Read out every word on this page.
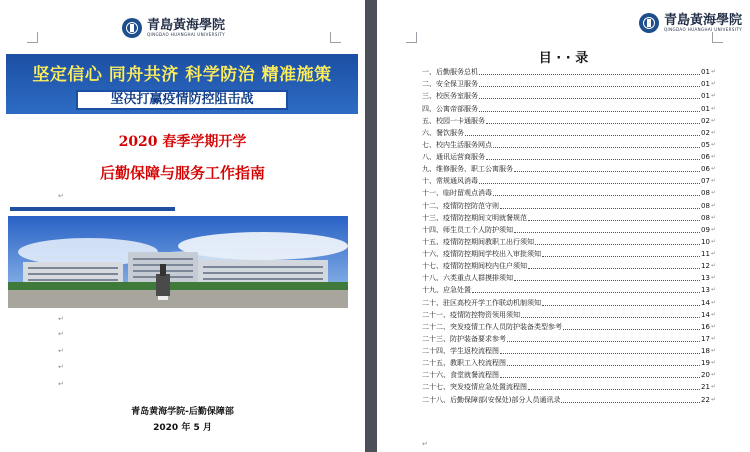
青島黃海學院
QINGDAO HUANGHAI UNIVERSITY
坚定信心 同舟共济 科学防治 精准施策
坚决打赢疫情防控阻击战
2020 春季学期开学
后勤保障与服务工作指南
↵
↵
↵
↵
↵
↵
青岛黄海学院-后勤保障部
2020 年 5 月
青島黃海學院
QINGDAO HUANGHAI UNIVERSITY
目 · · 录
一、后勤服务总机	01 ↵
二、安全保卫服务	01 ↵
三、校医务室服务	01 ↵
四、公寓帝部服务	01 ↵
五、校园一卡通服务	02 ↵
六、餐饮服务	02 ↵
七、校内生活服务网点	05 ↵
八、通讯运营商服务	06 ↵
九、维修服务、职工公寓服务	06 ↵
十、常规通风消毒	07 ↵
十一、临时留观点消毒	08 ↵
十二、疫情防控防范守则	08 ↵
十三、疫情防控期间文明就餐规范	08 ↵
十四、师生员工个人防护须知	09 ↵
十五、疫情防控期间教职工出行须知	10 ↵
十六、疫情防控期间学校出入审批须知	11 ↵
十七、疫情防控期间校内住户须知	12 ↵
十八、六类重点人群摸排须知	13 ↵
十九、应急处置	13 ↵
二十、驻区高校开学工作联动机制须知	14 ↵
二十一、疫情防控物资领用须知	14 ↵
二十二、突发疫情工作人员防护装备类型参考	16 ↵
二十三、防护装备要求参考	17 ↵
二十四、学生返校流程图	18 ↵
二十五、教职工入校流程图	19 ↵
二十六、食堂就餐流程图	20 ↵
二十七、突发疫情应急处置流程图	21 ↵
二十八、后勤保障部(安保处)部分人员通讯录	22 ↵
↵
